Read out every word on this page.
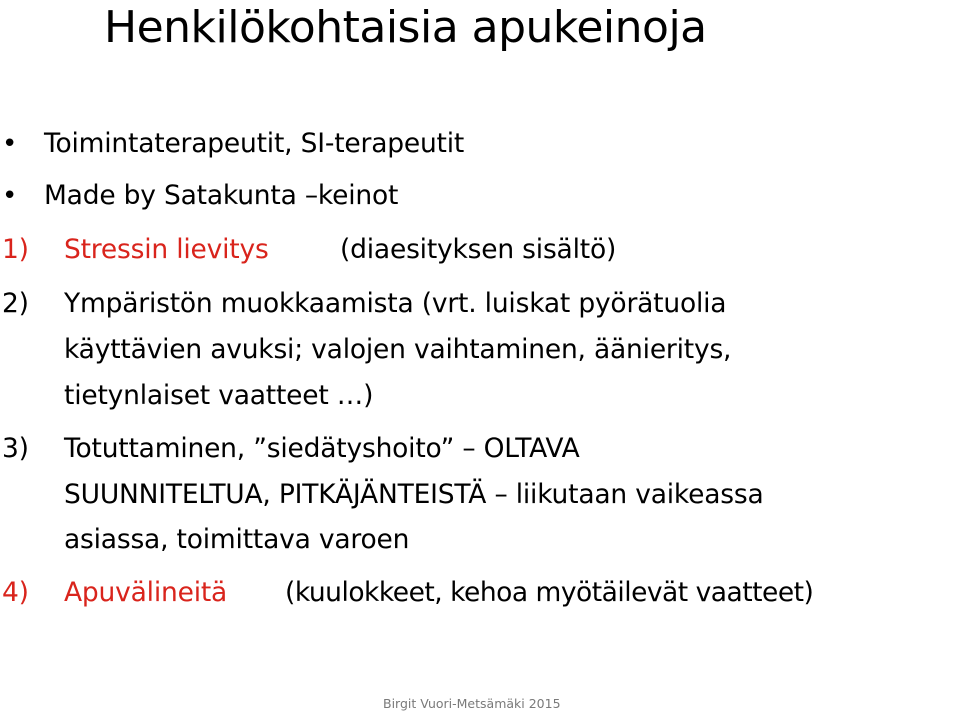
Henkilökohtaisia apukeinoja
• Toimintaterapeutit, SI-terapeutit
• Made by Satakunta –keinot
1) Stressin lievitys	(diaesityksen sisältö)
2) Ympäristön muokkaamista (vrt. luiskat pyörätuolia
käyttävien avuksi; valojen vaihtaminen, äänieritys,
tietynlaiset vaatteet …)
3) Totuttaminen, ”siedätyshoito” – OLTAVA
SUUNNITELTUA, PITKÄJÄNTEISTÄ – liikutaan vaikeassa
asiassa, toimittava varoen
4) Apuvälineitä (kuulokkeet, kehoa myötäilevät vaatteet)
Birgit Vuori-Metsämäki 2015
